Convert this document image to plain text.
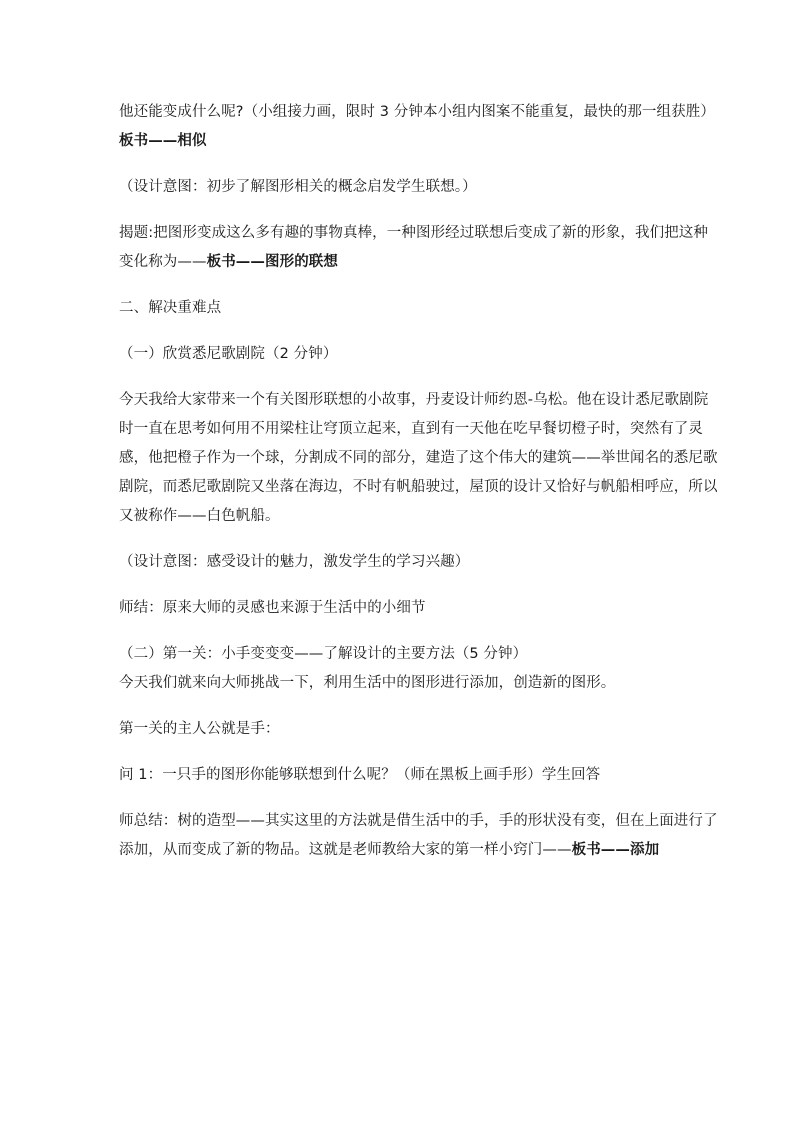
他还能变成什么呢?（小组接力画，限时 3 分钟本小组内图案不能重复，最快的那一组获胜）板书——相似

（设计意图：初步了解图形相关的概念启发学生联想。）

揭题:把图形变成这么多有趣的事物真棒，一种图形经过联想后变成了新的形象，我们把这种变化称为——板书——图形的联想

二、解决重难点

（一）欣赏悉尼歌剧院（2 分钟）

今天我给大家带来一个有关图形联想的小故事，丹麦设计师约恩-乌松。他在设计悉尼歌剧院时一直在思考如何用不用梁柱让穹顶立起来，直到有一天他在吃早餐切橙子时，突然有了灵感，他把橙子作为一个球，分割成不同的部分，建造了这个伟大的建筑——举世闻名的悉尼歌剧院，而悉尼歌剧院又坐落在海边，不时有帆船驶过，屋顶的设计又恰好与帆船相呼应，所以又被称作——白色帆船。

（设计意图：感受设计的魅力，激发学生的学习兴趣）

师结：原来大师的灵感也来源于生活中的小细节

（二）第一关：小手变变变——了解设计的主要方法（5 分钟）

今天我们就来向大师挑战一下，利用生活中的图形进行添加，创造新的图形。

第一关的主人公就是手：

问 1：一只手的图形你能够联想到什么呢？（师在黑板上画手形）学生回答

师总结：树的造型——其实这里的方法就是借生活中的手，手的形状没有变，但在上面进行了添加，从而变成了新的物品。这就是老师教给大家的第一样小窍门——板书——添加
